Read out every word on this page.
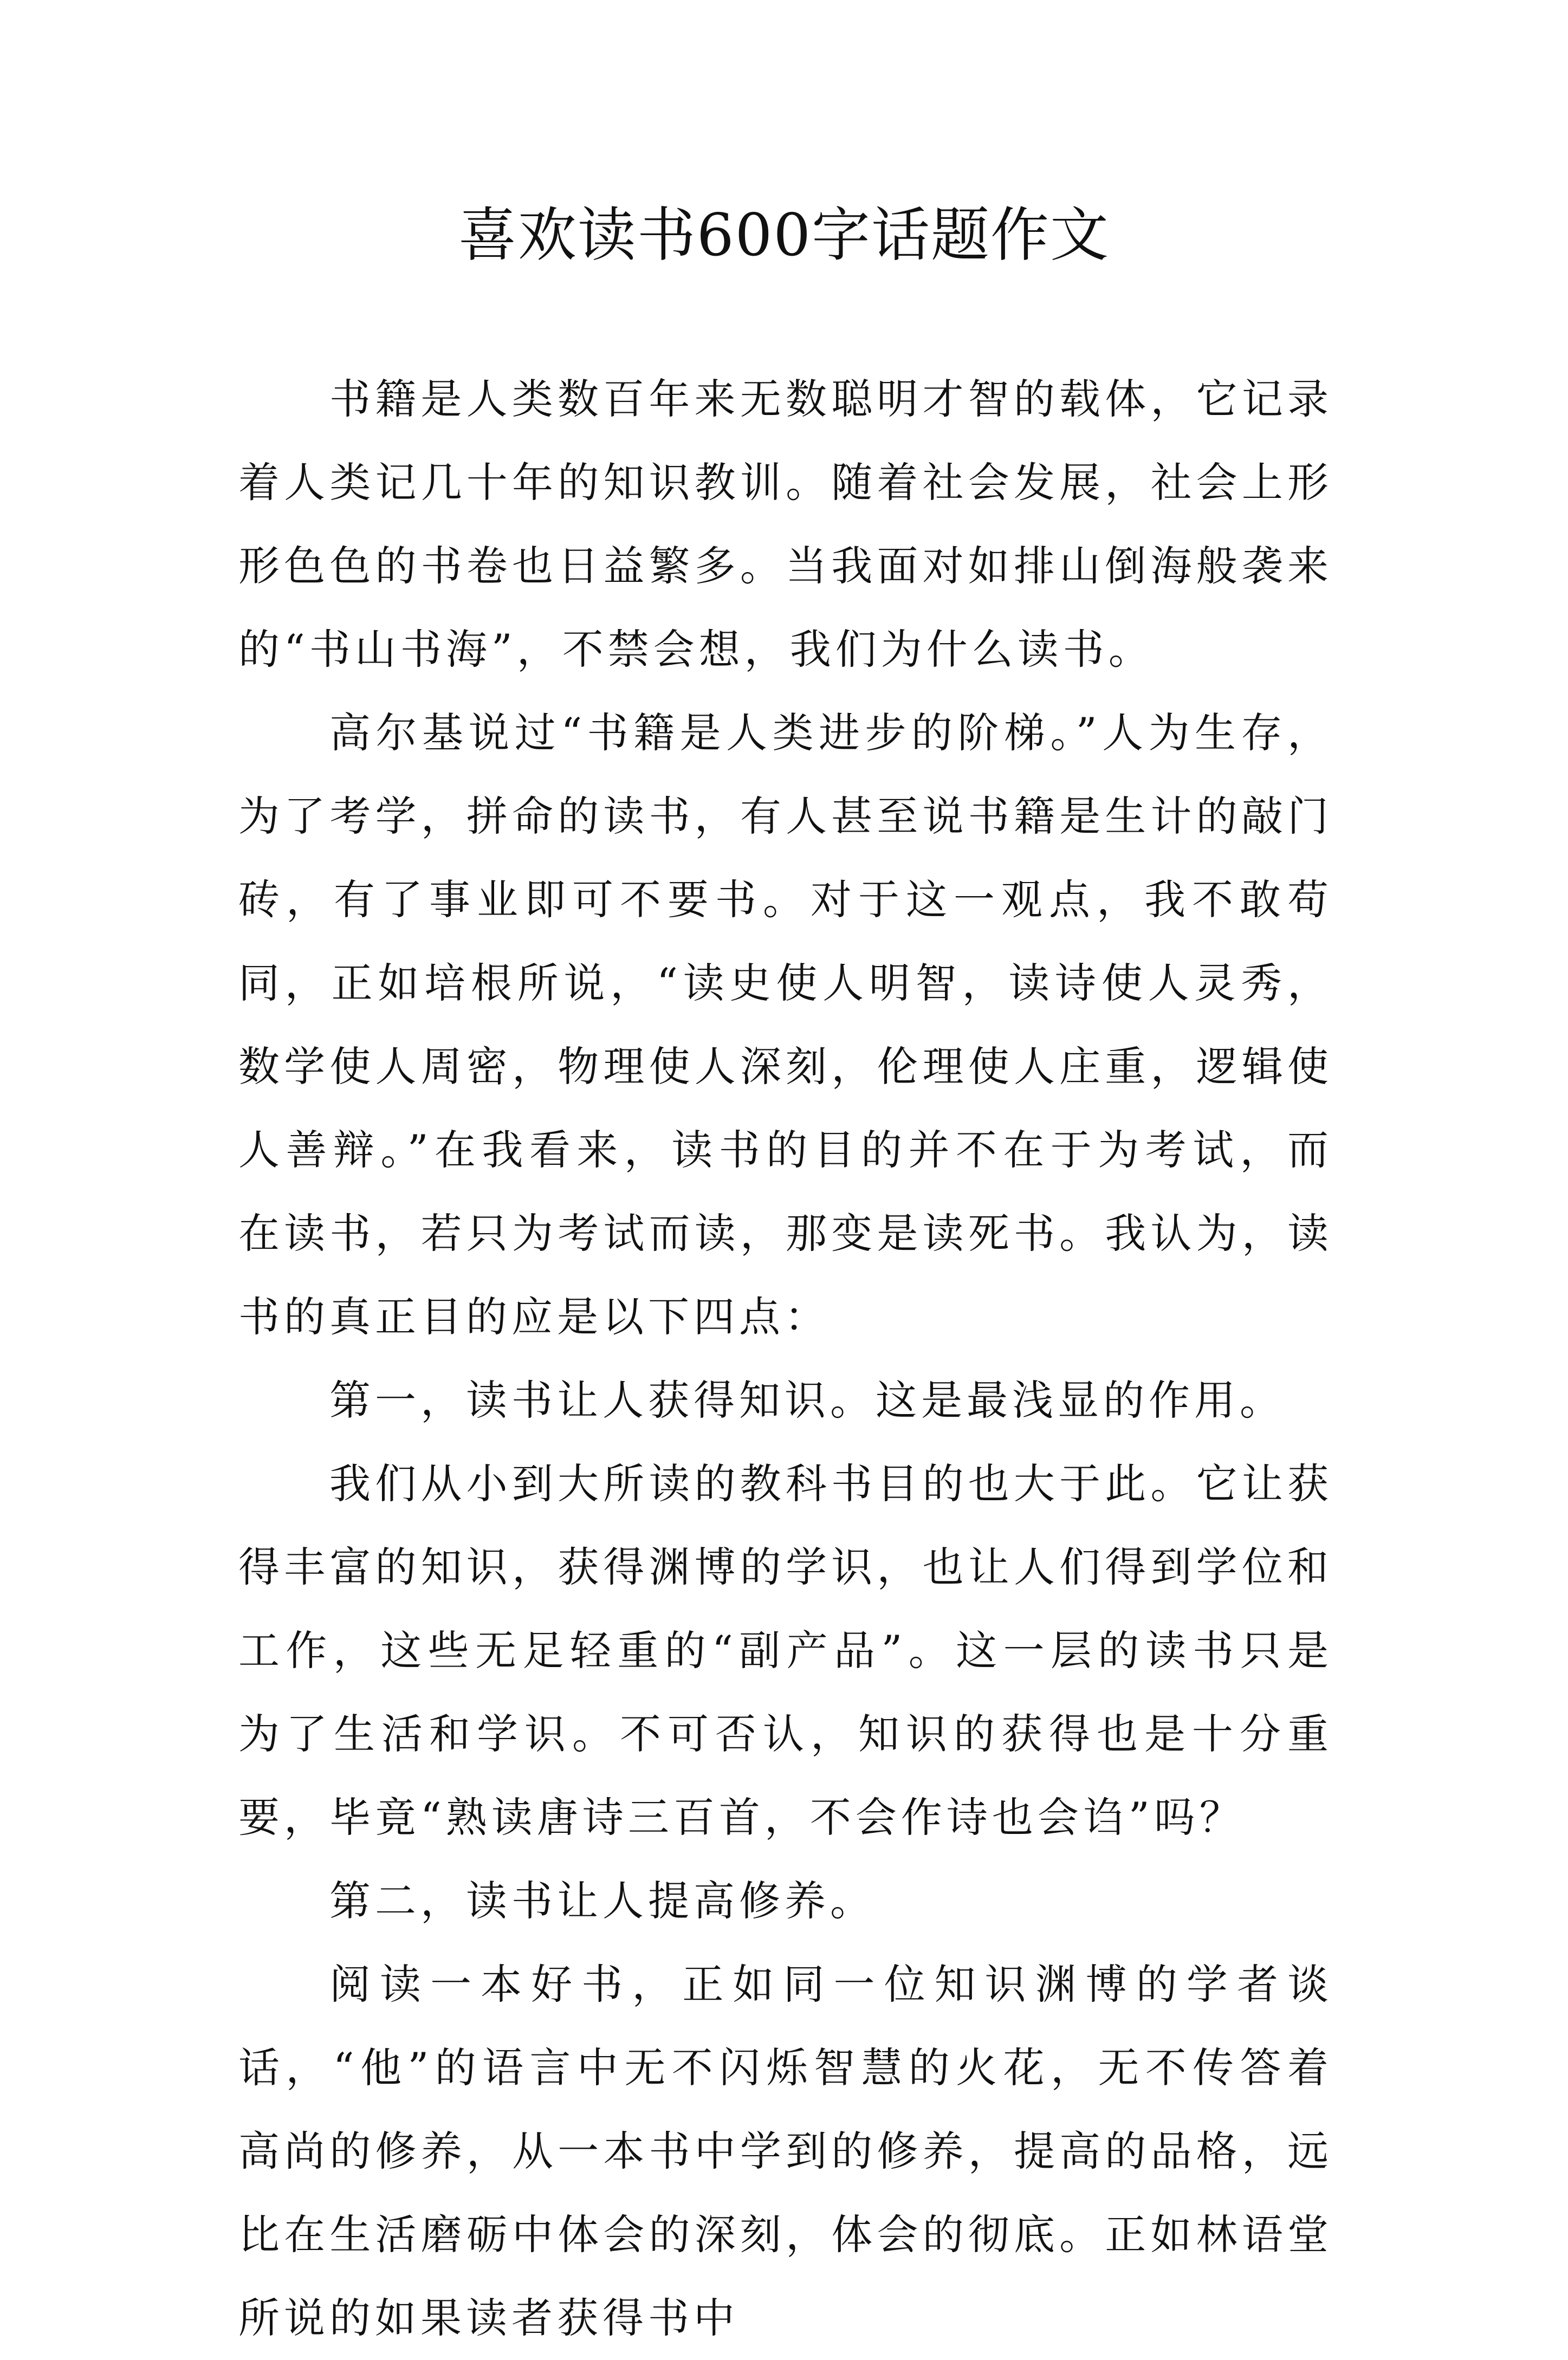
喜欢读书600字话题作文

书籍是人类数百年来无数聪明才智的载体，它记录着人类记几十年的知识教训。随着社会发展，社会上形形色色的书卷也日益繁多。当我面对如排山倒海般袭来的“书山书海”，不禁会想，我们为什么读书。

高尔基说过“书籍是人类进步的阶梯。”人为生存，为了考学，拼命的读书，有人甚至说书籍是生计的敲门砖，有了事业即可不要书。对于这一观点，我不敢苟同，正如培根所说，“读史使人明智，读诗使人灵秀，数学使人周密，物理使人深刻，伦理使人庄重，逻辑使人善辩。”在我看来，读书的目的并不在于为考试，而在读书，若只为考试而读，那变是读死书。我认为，读书的真正目的应是以下四点：

第一，读书让人获得知识。这是最浅显的作用。

我们从小到大所读的教科书目的也大于此。它让获得丰富的知识，获得渊博的学识，也让人们得到学位和工作，这些无足轻重的“副产品”。这一层的读书只是为了生活和学识。不可否认，知识的获得也是十分重要，毕竟“熟读唐诗三百首，不会作诗也会诌”吗？

第二，读书让人提高修养。

阅读一本好书，正如同一位知识渊博的学者谈话，“他”的语言中无不闪烁智慧的火花，无不传答着高尚的修养，从一本书中学到的修养，提高的品格，远比在生活磨砺中体会的深刻，体会的彻底。正如林语堂所说的如果读者获得书中
